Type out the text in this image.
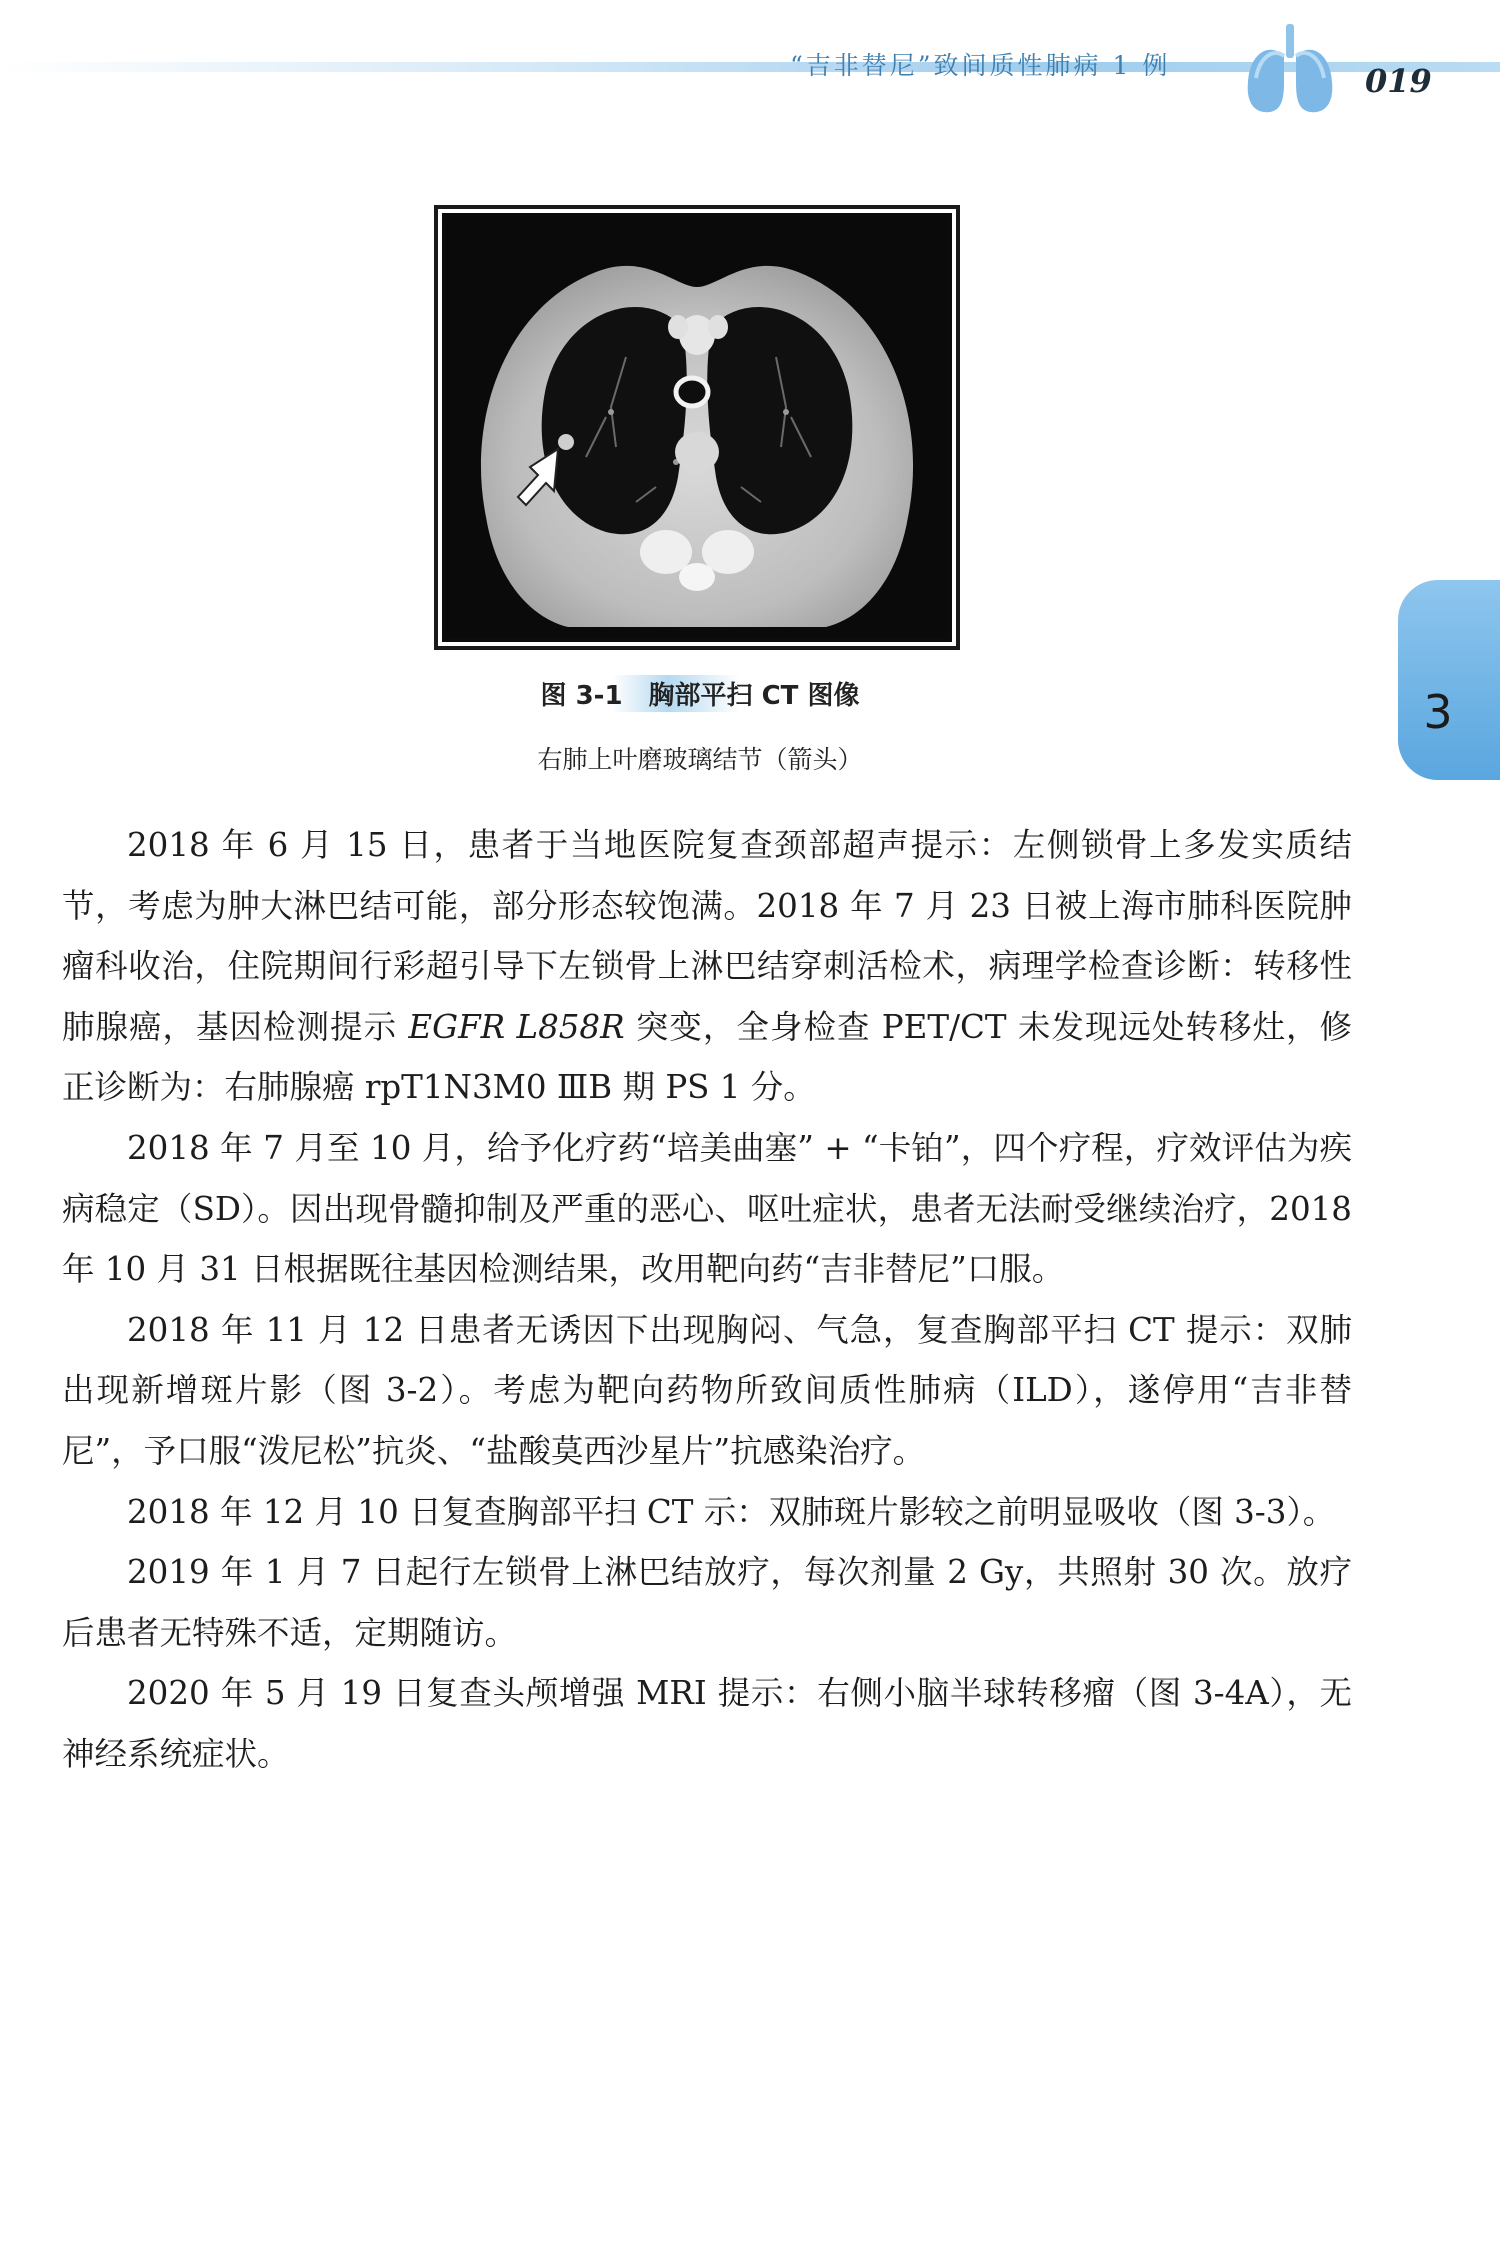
“吉非替尼”致间质性肺病 1 例	019
3
图 3-1　胸部平扫 CT 图像
右肺上叶磨玻璃结节（箭头）

2018 年 6 月 15 日，患者于当地医院复查颈部超声提示：左侧锁骨上多发实质结节，考虑为肿大淋巴结可能，部分形态较饱满。2018 年 7 月 23 日被上海市肺科医院肿瘤科收治，住院期间行彩超引导下左锁骨上淋巴结穿刺活检术，病理学检查诊断：转移性肺腺癌，基因检测提示 EGFR L858R 突变，全身检查 PET/CT 未发现远处转移灶，修正诊断为：右肺腺癌 rpT1N3M0 ⅢB 期 PS 1 分。

2018 年 7 月至 10 月，给予化疗药“培美曲塞” + “卡铂”，四个疗程，疗效评估为疾病稳定（SD）。因出现骨髓抑制及严重的恶心、呕吐症状，患者无法耐受继续治疗，2018 年 10 月 31 日根据既往基因检测结果，改用靶向药“吉非替尼”口服。

2018 年 11 月 12 日患者无诱因下出现胸闷、气急，复查胸部平扫 CT 提示：双肺出现新增斑片影（图 3-2）。考虑为靶向药物所致间质性肺病（ILD），遂停用“吉非替尼”，予口服“泼尼松”抗炎、“盐酸莫西沙星片”抗感染治疗。

2018 年 12 月 10 日复查胸部平扫 CT 示：双肺斑片影较之前明显吸收（图 3-3）。

2019 年 1 月 7 日起行左锁骨上淋巴结放疗，每次剂量 2 Gy，共照射 30 次。放疗后患者无特殊不适，定期随访。

2020 年 5 月 19 日复查头颅增强 MRI 提示：右侧小脑半球转移瘤（图 3-4A），无神经系统症状。
